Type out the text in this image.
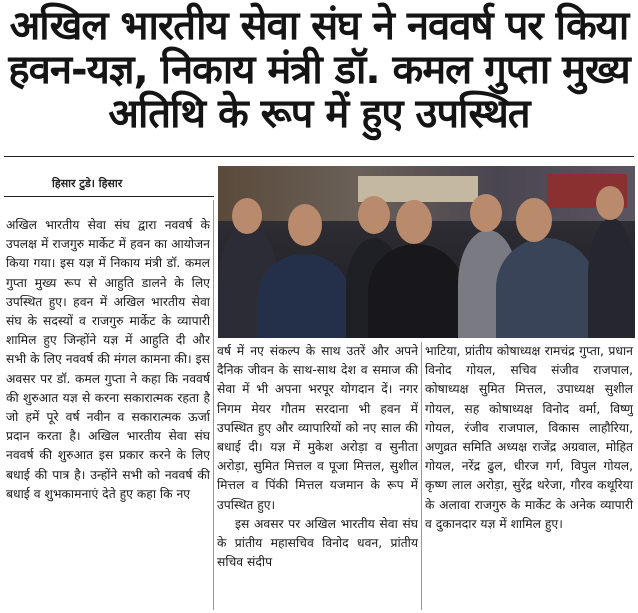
अखिल भारतीय सेवा संघ ने नववर्ष पर किया
हवन-यज्ञ, निकाय मंत्री डॉ. कमल गुप्ता मुख्य
अतिथि के रूप में हुए उपस्थित
हिसार टुडे। हिसार

अखिल भारतीय सेवा संघ द्वारा नववर्ष के उपलक्ष में राजगुरु मार्केट में हवन का आयोजन किया गया। इस यज्ञ में निकाय मंत्री डॉ. कमल गुप्ता मुख्य रूप से आहुति डालने के लिए उपस्थित हुए। हवन में अखिल भारतीय सेवा संघ के सदस्यों व राजगुरु मार्केट के व्यापारी शामिल हुए जिन्होंने यज्ञ में आहुति दी और सभी के लिए नववर्ष की मंगल कामना की। इस अवसर पर डॉ. कमल गुप्ता ने कहा कि नववर्ष की शुरुआत यज्ञ से करना सकारात्मक रहता है जो हमें पूरे वर्ष नवीन व सकारात्मक ऊर्जा प्रदान करता है। अखिल भारतीय सेवा संघ नववर्ष की शुरुआत इस प्रकार करने के लिए बधाई की पात्र है। उन्होंने सभी को नववर्ष की बधाई व शुभकामनाएं देते हुए कहा कि नए

वर्ष में नए संकल्प के साथ उतरें और अपने दैनिक जीवन के साथ-साथ देश व समाज की सेवा में भी अपना भरपूर योगदान दें। नगर निगम मेयर गौतम सरदाना भी हवन में उपस्थित हुए और व्यापारियों को नए साल की बधाई दी। यज्ञ में मुकेश अरोड़ा व सुनीता अरोड़ा, सुमित मित्तल व पूजा मित्तल, सुशील मित्तल व पिंकी मित्तल यजमान के रूप में उपस्थित हुए।

इस अवसर पर अखिल भारतीय सेवा संघ के प्रांतीय महासचिव विनोद धवन, प्रांतीय सचिव संदीप

भाटिया, प्रांतीय कोषाध्यक्ष रामचंद्र गुप्ता, प्रधान विनोद गोयल, सचिव संजीव राजपाल, कोषाध्यक्ष सुमित मित्तल, उपाध्यक्ष सुशील गोयल, सह कोषाध्यक्ष विनोद वर्मा, विष्णु गोयल, रंजीव राजपाल, विकास लाहौरिया, अणुव्रत समिति अध्यक्ष राजेंद्र अग्रवाल, मोहित गोयल, नरेंद्र ढुल, धीरज गर्ग, विपुल गोयल, कृष्ण लाल अरोड़ा, सुरेंद्र थरेजा, गौरव कथूरिया के अलावा राजगुरु के मार्केट के अनेक व्यापारी व दुकानदार यज्ञ में शामिल हुए।
